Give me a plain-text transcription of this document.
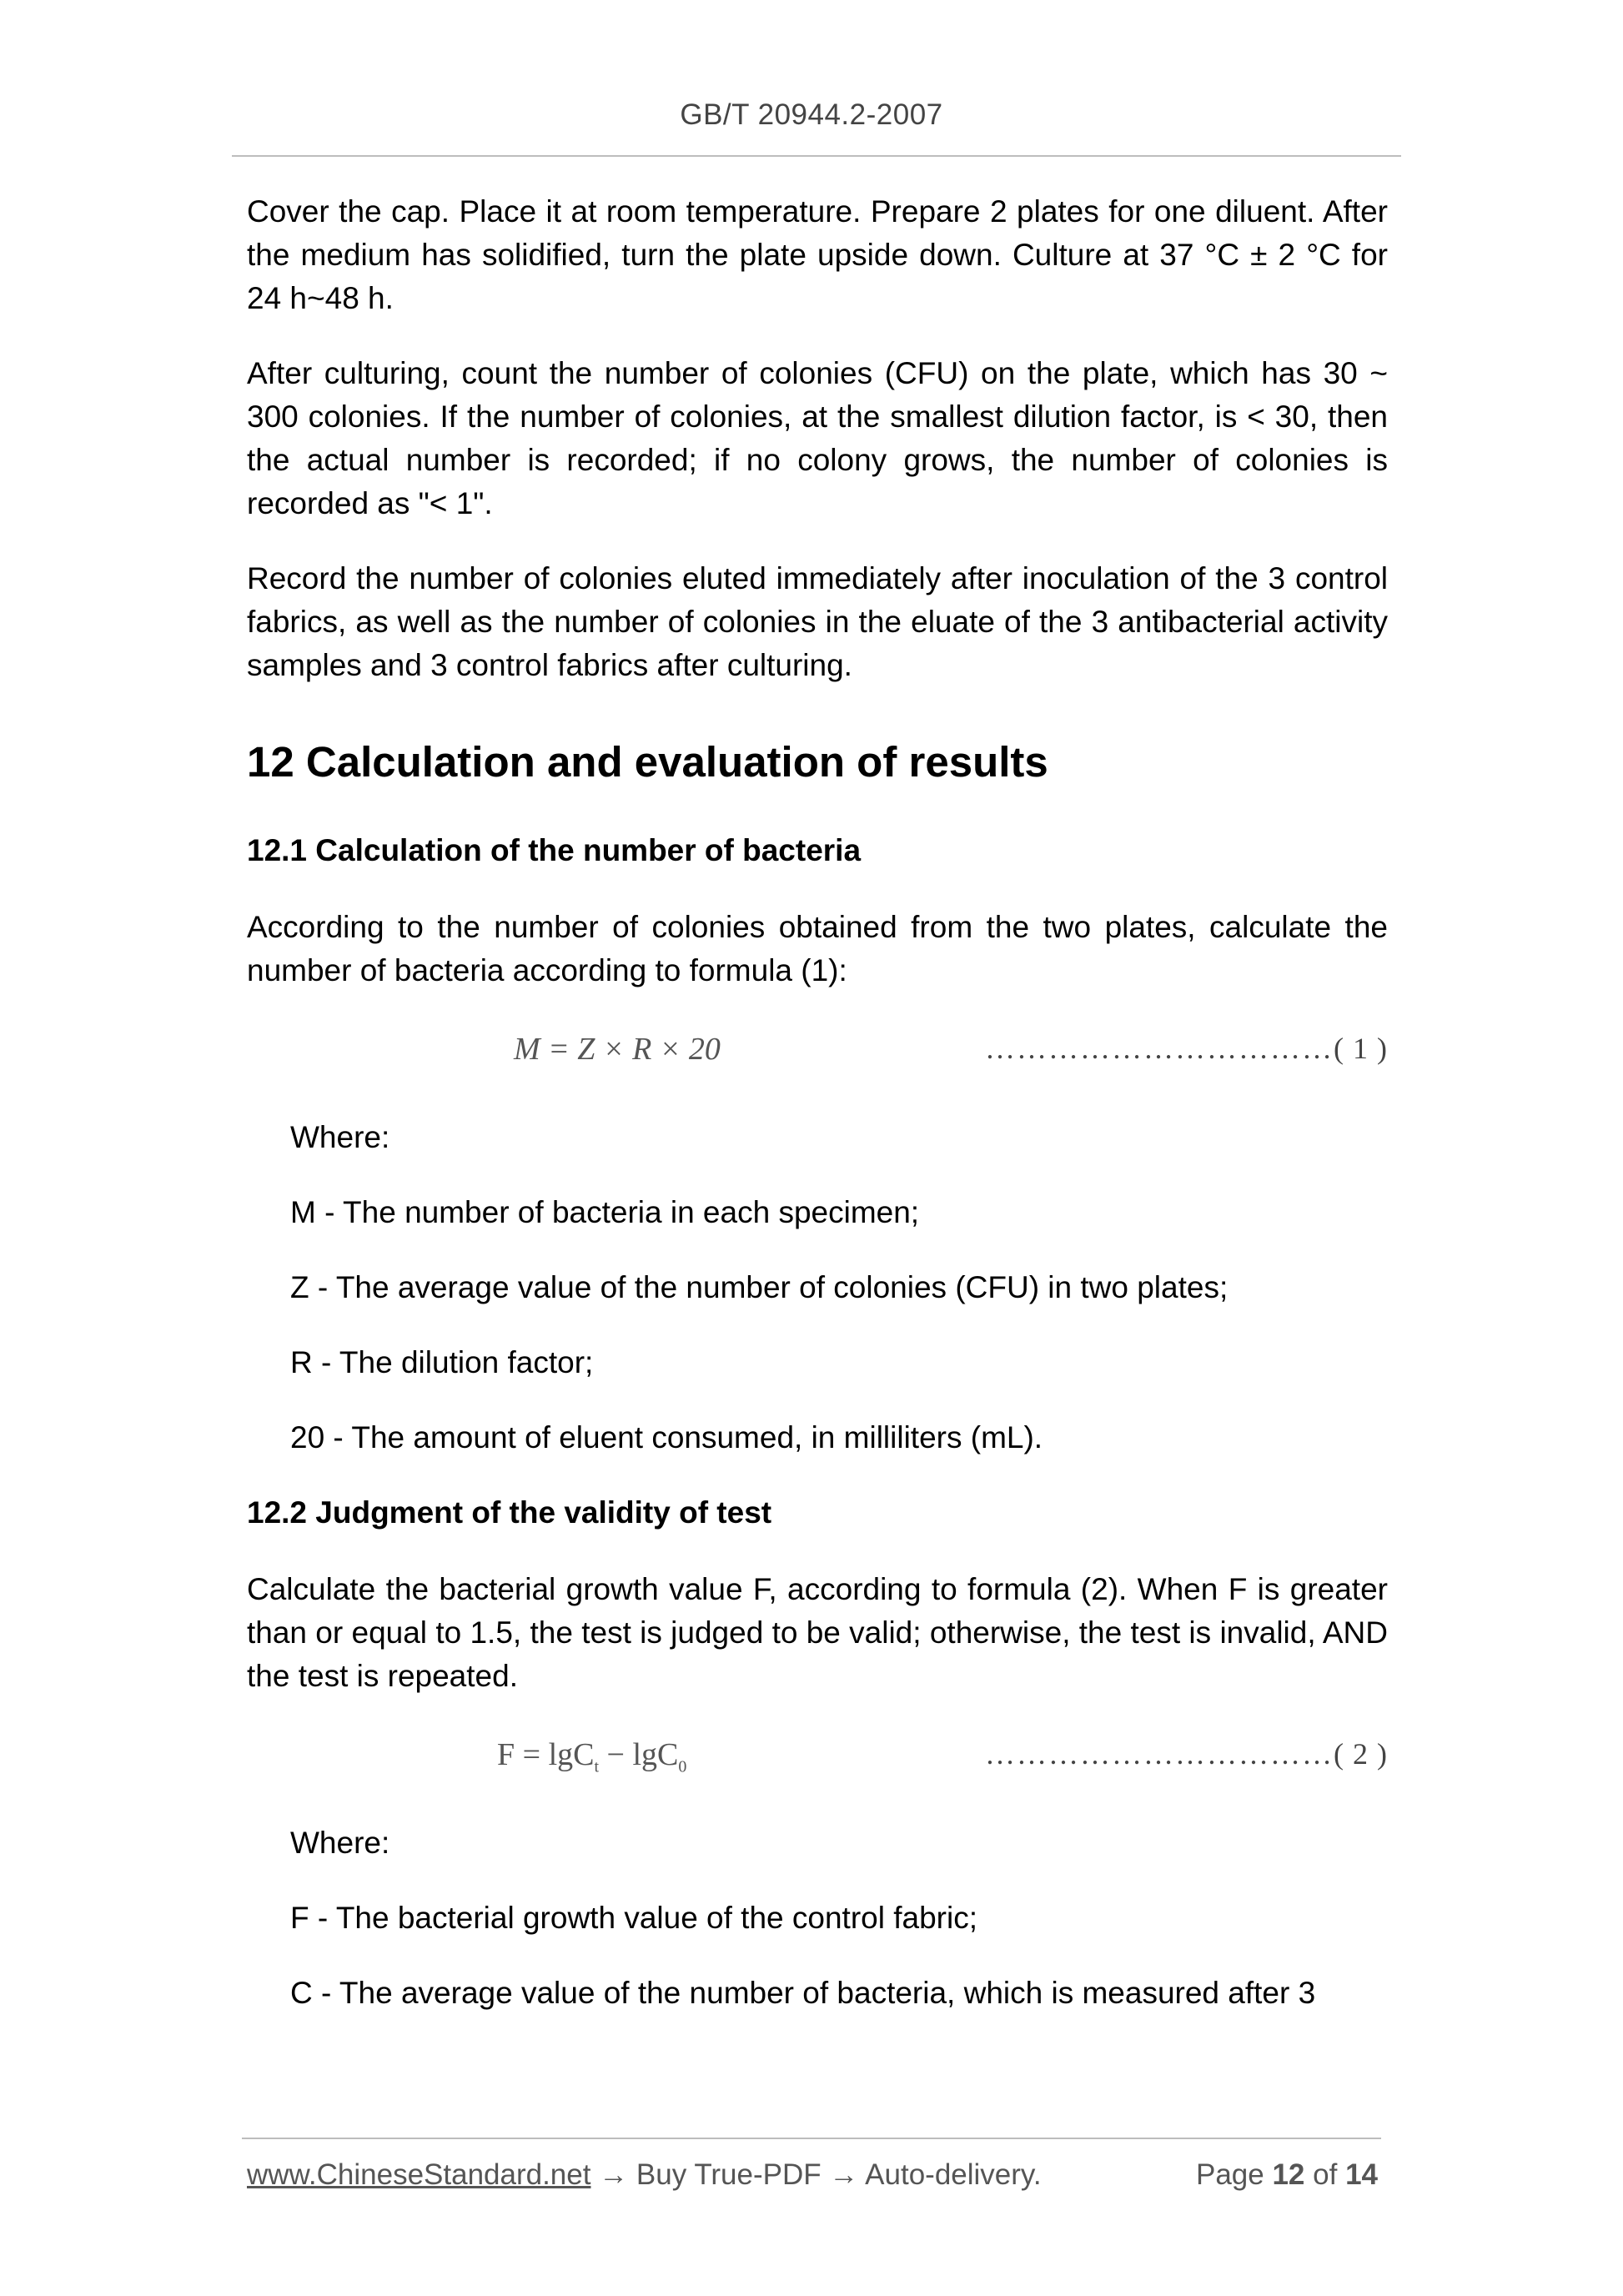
GB/T 20944.2-2007

Cover the cap. Place it at room temperature. Prepare 2 plates for one diluent. After the medium has solidified, turn the plate upside down. Culture at 37 °C ± 2 °C for 24 h~48 h.

After culturing, count the number of colonies (CFU) on the plate, which has 30 ~ 300 colonies. If the number of colonies, at the smallest dilution factor, is < 30, then the actual number is recorded; if no colony grows, the number of colonies is recorded as "< 1".

Record the number of colonies eluted immediately after inoculation of the 3 control fabrics, as well as the number of colonies in the eluate of the 3 antibacterial activity samples and 3 control fabrics after culturing.

12 Calculation and evaluation of results
12.1 Calculation of the number of bacteria

According to the number of colonies obtained from the two plates, calculate the number of bacteria according to formula (1):

M = Z × R × 20	……………………………( 1 )
Where:
M - The number of bacteria in each specimen;
Z - The average value of the number of colonies (CFU) in two plates;
R - The dilution factor;
20 - The amount of eluent consumed, in milliliters (mL).
12.2 Judgment of the validity of test

Calculate the bacterial growth value F, according to formula (2). When F is greater than or equal to 1.5, the test is judged to be valid; otherwise, the test is invalid, AND the test is repeated.

F = lgC$_t$ − lgC$_0$	……………………………( 2 )
Where:
F - The bacterial growth value of the control fabric;
C - The average value of the number of bacteria, which is measured after 3
www.ChineseStandard.net → Buy True-PDF → Auto-delivery.	Page 12 of 14
